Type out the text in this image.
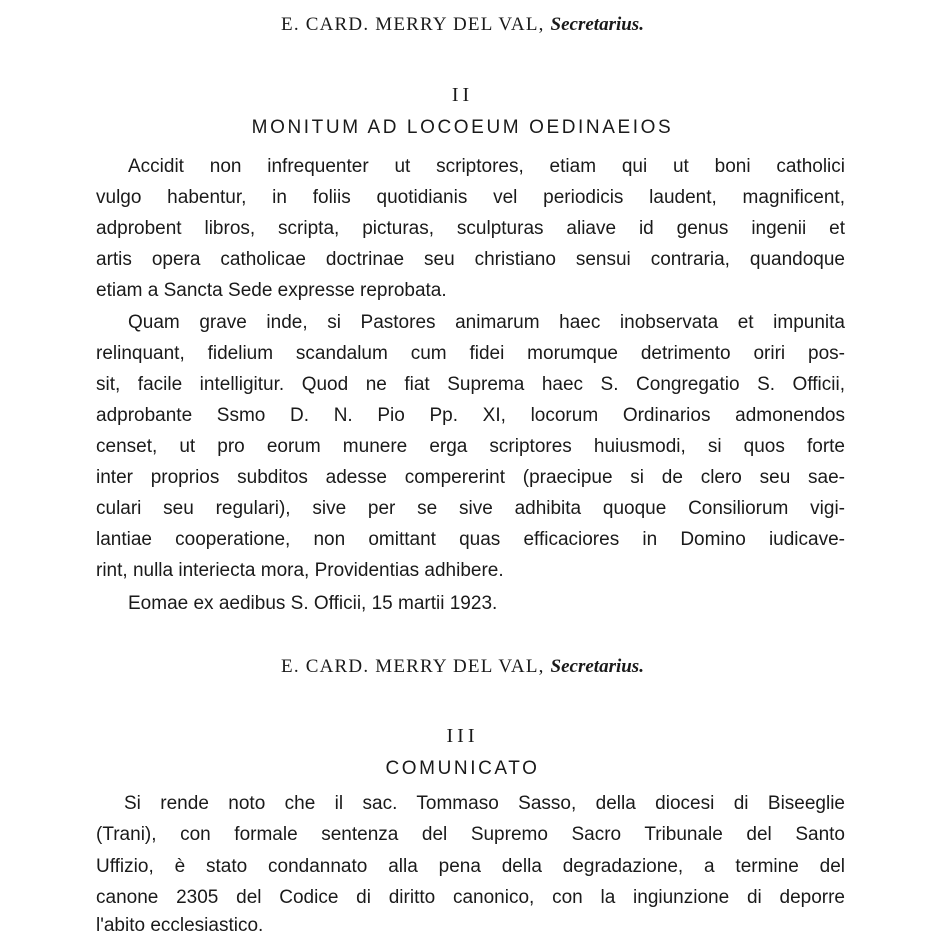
E. CARD. MERRY DEL VAL, Secretarius.
II
MONITUM AD LOCOEUM OEDINAEIOS
Accidit non infrequenter ut scriptores, etiam qui ut boni catholici
vulgo habentur, in foliis quotidianis vel periodicis laudent, magnificent,
adprobent libros, scripta, picturas, sculpturas aliave id genus ingenii et
artis opera catholicae doctrinae seu christiano sensui contraria, quandoque
etiam a Sancta Sede expresse reprobata.
Quam grave inde, si Pastores animarum haec inobservata et impunita
relinquant, fidelium scandalum cum fidei morumque detrimento oriri pos-
sit, facile intelligitur. Quod ne fiat Suprema haec S. Congregatio S. Officii,
adprobante Ssmo D. N. Pio Pp. XI, locorum Ordinarios admonendos
censet, ut pro eorum munere erga scriptores huiusmodi, si quos forte
inter proprios subditos adesse compererint (praecipue si de clero seu sae-
culari seu regulari), sive per se sive adhibita quoque Consiliorum vigi-
lantiae cooperatione, non omittant quas efficaciores in Domino iudicave-
rint, nulla interiecta mora, Providentias adhibere.
Eomae ex aedibus S. Officii, 15 martii 1923.
E. CARD. MERRY DEL VAL, Secretarius.
III
COMUNICATO
Si rende noto che il sac. Tommaso Sasso, della diocesi di Biseeglie
(Trani), con formale sentenza del Supremo Sacro Tribunale del Santo
Uffizio, è stato condannato alla pena della degradazione, a termine del
canone 2305 del Codice di diritto canonico, con la ingiunzione di deporre
l'abito ecclesiastico.
